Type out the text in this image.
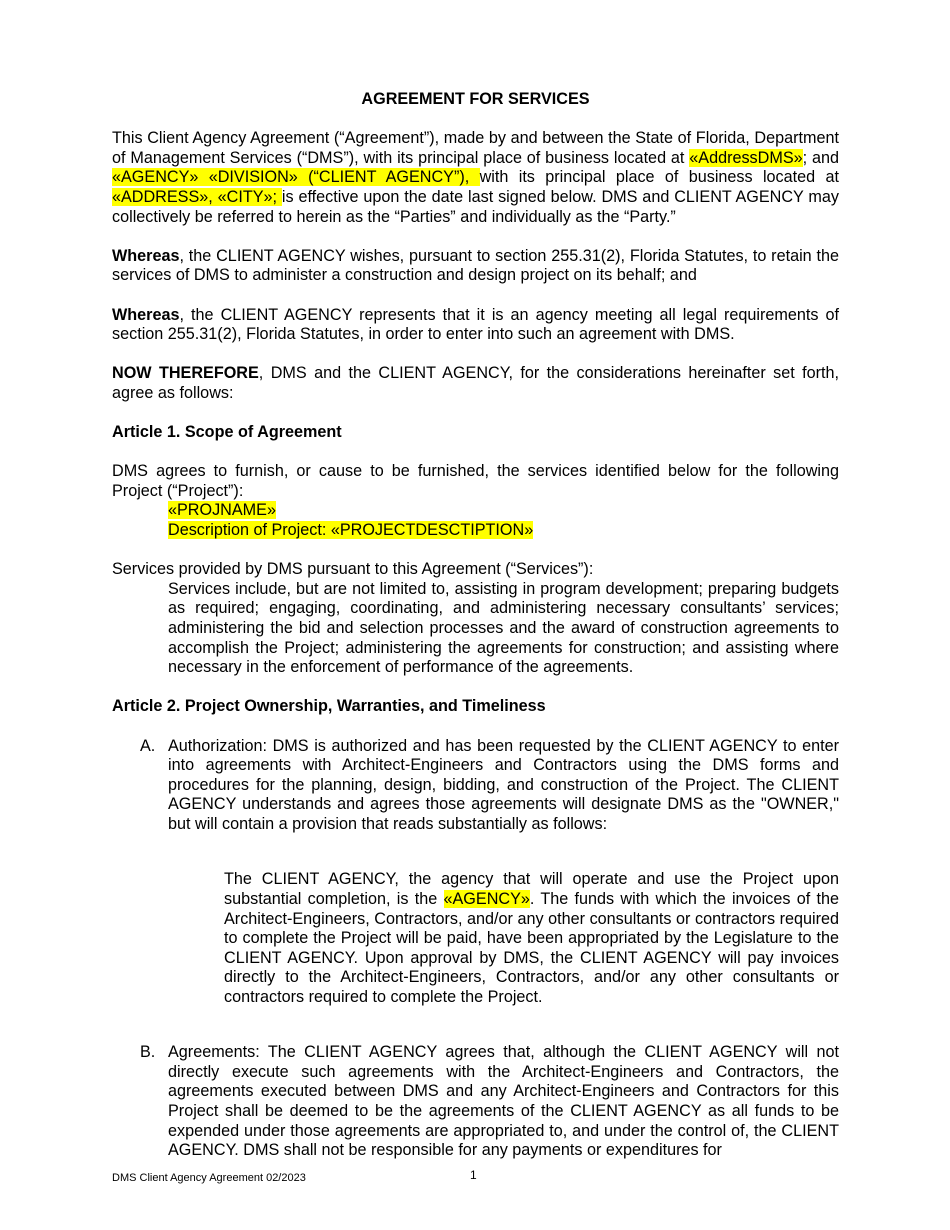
AGREEMENT FOR SERVICES

This Client Agency Agreement (“Agreement”), made by and between the State of Florida, Department of Management Services (“DMS”), with its principal place of business located at «AddressDMS»; and «AGENCY» «DIVISION» (“CLIENT AGENCY”), with its principal place of business located at «ADDRESS», «CITY»; is effective upon the date last signed below. DMS and CLIENT AGENCY may collectively be referred to herein as the “Parties” and individually as the “Party.”

Whereas, the CLIENT AGENCY wishes, pursuant to section 255.31(2), Florida Statutes, to retain the services of DMS to administer a construction and design project on its behalf; and

Whereas, the CLIENT AGENCY represents that it is an agency meeting all legal requirements of section 255.31(2), Florida Statutes, in order to enter into such an agreement with DMS.

NOW THEREFORE, DMS and the CLIENT AGENCY, for the considerations hereinafter set forth, agree as follows:

Article 1. Scope of Agreement

DMS agrees to furnish, or cause to be furnished, the services identified below for the following Project (“Project”):

«PROJNAME»
Description of Project: «PROJECTDESCTIPTION»

Services provided by DMS pursuant to this Agreement (“Services”):

Services include, but are not limited to, assisting in program development; preparing budgets as required; engaging, coordinating, and administering necessary consultants’ services; administering the bid and selection processes and the award of construction agreements to accomplish the Project; administering the agreements for construction; and assisting where necessary in the enforcement of performance of the agreements.

Article 2. Project Ownership, Warranties, and Timeliness

A. Authorization: DMS is authorized and has been requested by the CLIENT AGENCY to enter into agreements with Architect-Engineers and Contractors using the DMS forms and procedures for the planning, design, bidding, and construction of the Project. The CLIENT AGENCY understands and agrees those agreements will designate DMS as the "OWNER," but will contain a provision that reads substantially as follows:

The CLIENT AGENCY, the agency that will operate and use the Project upon substantial completion, is the «AGENCY». The funds with which the invoices of the Architect-Engineers, Contractors, and/or any other consultants or contractors required to complete the Project will be paid, have been appropriated by the Legislature to the CLIENT AGENCY. Upon approval by DMS, the CLIENT AGENCY will pay invoices directly to the Architect-Engineers, Contractors, and/or any other consultants or contractors required to complete the Project.

B. Agreements: The CLIENT AGENCY agrees that, although the CLIENT AGENCY will not directly execute such agreements with the Architect-Engineers and Contractors, the agreements executed between DMS and any Architect-Engineers and Contractors for this Project shall be deemed to be the agreements of the CLIENT AGENCY as all funds to be expended under those agreements are appropriated to, and under the control of, the CLIENT AGENCY. DMS shall not be responsible for any payments or expenditures for
DMS Client Agency Agreement 02/2023	1
